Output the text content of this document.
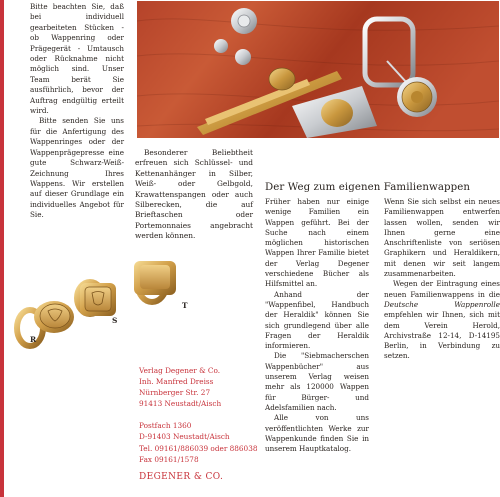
Bitte beachten Sie, daß bei individuell gearbeiteten Stücken - ob Wappenring oder Prägegerät - Umtausch oder Rücknahme nicht möglich sind. Unser Team berät Sie ausführlich, bevor der Auftrag endgültig erteilt wird.

Bitte senden Sie uns für die Anfertigung des Wappenringes oder der Wappenprägepresse eine gute Schwarz-Weiß-Zeichnung Ihres Wappens. Wir erstellen auf dieser Grundlage ein individuelles Angebot für Sie.

Besonderer Beliebtheit erfreuen sich Schlüssel- und Kettenanhänger in Silber, Weiß- oder Gelbgold, Krawattenspangen oder auch Silberecken, die auf Brieftaschen oder Portemonnaies angebracht werden können.

Der Weg zum eigenen Familienwappen

Früher haben nur einige wenige Familien ein Wappen geführt. Bei der Suche nach einem möglichen historischen Wappen Ihrer Familie bietet der Verlag Degener verschiedene Bücher als Hilfsmittel an.

Anhand der "Wappenfibel, Handbuch der Heraldik" können Sie sich grundlegend über alle Fragen der Heraldik informieren.

Die "Siebmacherschen Wappenbücher" aus unserem Verlag weisen mehr als 120000 Wappen für Bürger- und Adelsfamilien nach.

Alle von uns veröffentlichten Werke zur Wappenkunde finden Sie in unserem Hauptkatalog.

Wenn Sie sich selbst ein neues Familienwappen entwerfen lassen wollen, senden wir Ihnen gerne eine Anschriftenliste von seriösen Graphikern und Heraldikern, mit denen wir seit langem zusammenarbeiten.

Wegen der Eintragung eines neuen Familienwappens in die Deutsche Wappenrolle empfehlen wir Ihnen, sich mit dem Verein Herold, Archivstraße 12-14, D-14195 Berlin, in Verbindung zu setzen.

R
S
T
Verlag Degener & Co.
Inh. Manfred Dreiss
Nürnberger Str. 27
91413 Neustadt/Aisch
Postfach 1360
D-91403 Neustadt/Aisch
Tel. 09161/886039 oder 886038
Fax 09161/1578
DEGENER & CO.
